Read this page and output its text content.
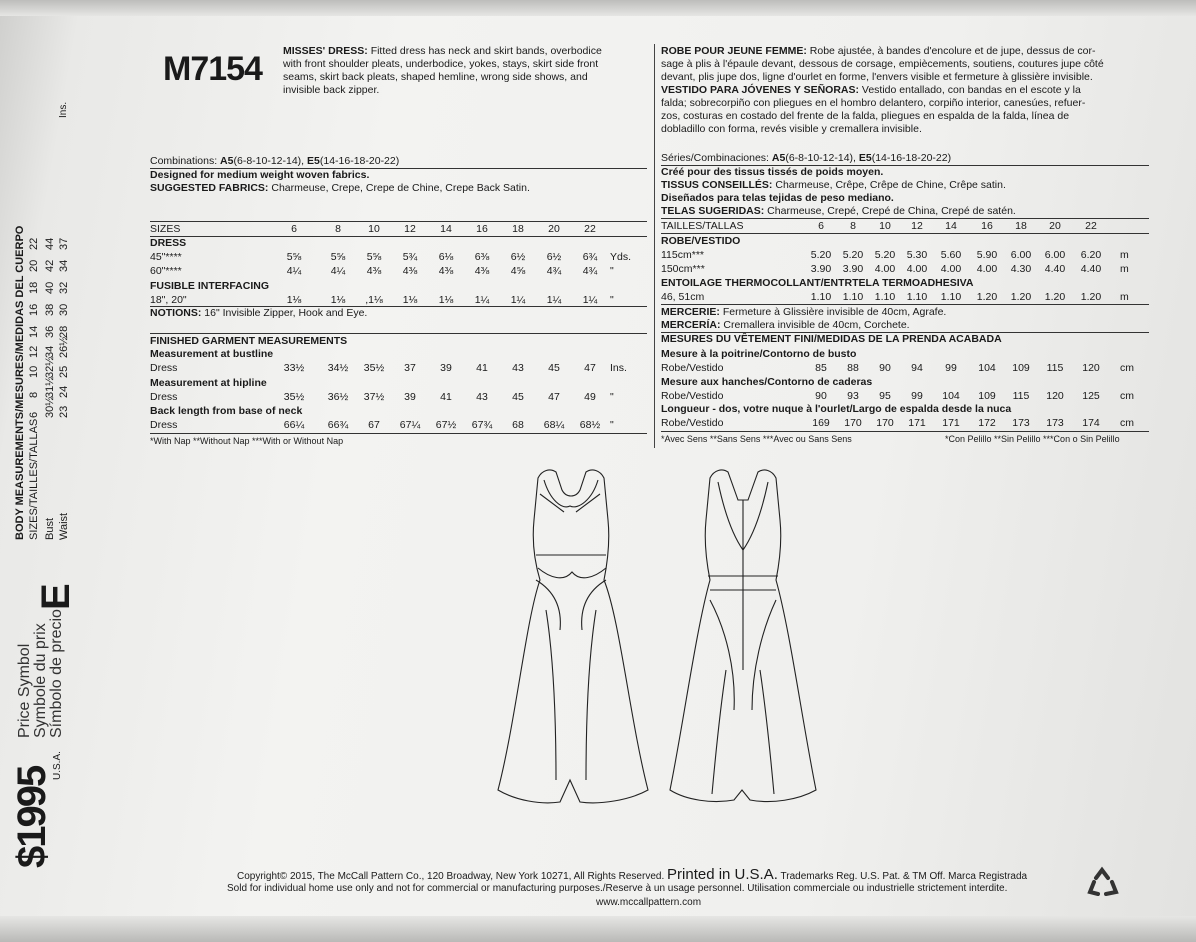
$1995
U.S.A.
Price Symbol Symbole du prix Símbolo de precio
E
BODY MEASUREMENTS/MESURES/MEDIDAS DEL CUERPO SIZES/TAILLES/TALLAS Bust Waist
Ins.
6 30½ 23
8 31½ 24
10 32½ 25
12 34 26½
14 36 28
16 38 30
18 40 32
20 42 34
22 44 37
M7154 MISSES' DRESS: Fitted dress has neck and skirt bands, overbodice
with front shoulder pleats, underbodice, yokes, stays, skirt side front
seams, skirt back pleats, shaped hemline, wrong side shows, and
invisible back zipper.
Combinations: A5(6-8-10-12-14), E5(14-16-18-20-22)
Designed for medium weight woven fabrics.
SUGGESTED FABRICS: Charmeuse, Crepe, Crepe de Chine, Crepe Back Satin.
SIZES	6	8	10	12	14	16	18	20	22
DRESS
45"****	5⅝	5⅝	5⅝	5¾	6⅛	6⅜	6½	6½	6¾	Yds.
60"****	4¼	4¼	4⅜	4⅜	4⅜	4⅜	4⅝	4¾	4¾	"
FUSIBLE INTERFACING
18", 20"	1⅛	1⅛	,1⅛	1⅛	1⅛	1¼	1¼	1¼	1¼	"
NOTIONS: 16" Invisible Zipper, Hook and Eye.
FINISHED GARMENT MEASUREMENTS
Measurement at bustline
Dress	33½	34½	35½	37	39	41	43	45	47	Ins.
Measurement at hipline
Dress	35½	36½	37½	39	41	43	45	47	49	"
Back length from base of neck
Dress	66¼	66¾	67	67¼	67½	67¾	68	68¼	68½ "
*With Nap **Without Nap ***With or Without Nap
ROBE POUR JEUNE FEMME: Robe ajustée, à bandes d'encolure et de jupe, dessus de cor-
sage à plis à l'épaule devant, dessous de corsage, empiècements, soutiens, coutures jupe côté
devant, plis jupe dos, ligne d'ourlet en forme, l'envers visible et fermeture à glissière invisible.
VESTIDO PARA JÓVENES Y SEÑORAS: Vestido entallado, con bandas en el escote y la
falda; sobrecorpiño con pliegues en el hombro delantero, corpiño interior, canesúes, refuer-
zos, costuras en costado del frente de la falda, pliegues en espalda de la falda, línea de
dobladillo con forma, revés visible y cremallera invisible.
Séries/Combinaciones: A5(6-8-10-12-14), E5(14-16-18-20-22)
Créé pour des tissus tissés de poids moyen.
TISSUS CONSEILLÉS: Charmeuse, Crêpe, Crêpe de Chine, Crêpe satin.
Diseñados para telas tejidas de peso mediano.
TELAS SUGERIDAS: Charmeuse, Crepé, Crepé de China, Crepé de satén.
TAILLES/TALLAS	6	8	10	12	14	16	18	20	22
ROBE/VESTIDO
115cm***	5.20	5.20	5.20	5.30	5.60	5.90	6.00	6.00	6.20	m
150cm***	3.90	3.90	4.00	4.00	4.00	4.00	4.30	4.40	4.40	m
ENTOILAGE THERMOCOLLANT/ENTRTELA TERMOADHESIVA
46, 51cm	1.10	1.10	1.10	1.10	1.10	1.20	1.20	1.20	1.20	m
MERCERIE: Fermeture à Glissière invisible de 40cm, Agrafe.
MERCERÍA: Cremallera invisible de 40cm, Corchete.
MESURES DU VÊTEMENT FINI/MEDIDAS DE LA PRENDA ACABADA
Mesure à la poitrine/Contorno de busto
Robe/Vestido	85	88	90	94	99	104	109	115	120	cm
Mesure aux hanches/Contorno de caderas
Robe/Vestido	90	93	95	99	104	109	115	120	125	cm
Longueur - dos, votre nuque à l'ourlet/Largo de espalda desde la nuca
Robe/Vestido	169	170	170	171	171	172	173	173	174	cm
*Avec Sens **Sans Sens ***Avec ou Sans Sens	*Con Pelillo **Sin Pelillo ***Con o Sin Pelillo
Copyright© 2015, The McCall Pattern Co., 120 Broadway, New York 10271, All Rights Reserved. Printed in U.S.A. Trademarks Reg. U.S. Pat. & TM Off. Marca Registrada
Sold for individual home use only and not for commercial or manufacturing purposes./Reserve à un usage personnel. Utilisation commerciale ou industrielle strictement interdite.
www.mccallpattern.com
